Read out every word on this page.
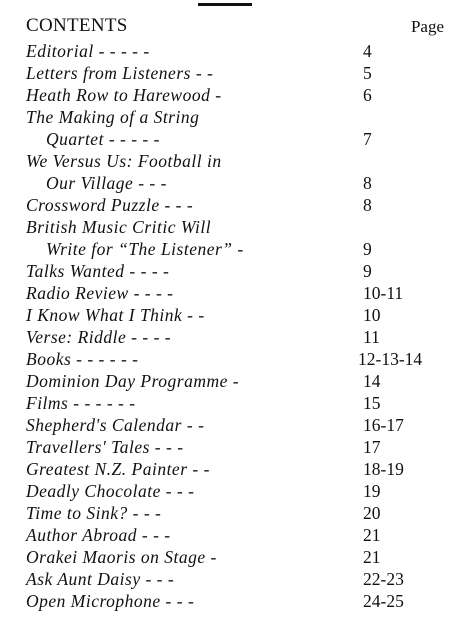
CONTENTS	Page
Editorial - - - - -	4
Letters from Listeners - -	5
Heath Row to Harewood -	6
The Making of a String
Quartet - - - - -	7
We Versus Us: Football in
Our Village - - -	8
Crossword Puzzle - - -	8
British Music Critic Will
Write for “The Listener” -	9
Talks Wanted - - - -	9
Radio Review - - - -	10-11
I Know What I Think - -	10
Verse: Riddle - - - -	11
Books - - - - - -	12-13-14
Dominion Day Programme -	14
Films - - - - - -	15
Shepherd's Calendar - -	16-17
Travellers' Tales - - -	17
Greatest N.Z. Painter - -	18-19
Deadly Chocolate - - -	19
Time to Sink? - - -	20
Author Abroad - - -	21
Orakei Maoris on Stage -	21
Ask Aunt Daisy - - -	22-23
Open Microphone - - -	24-25
